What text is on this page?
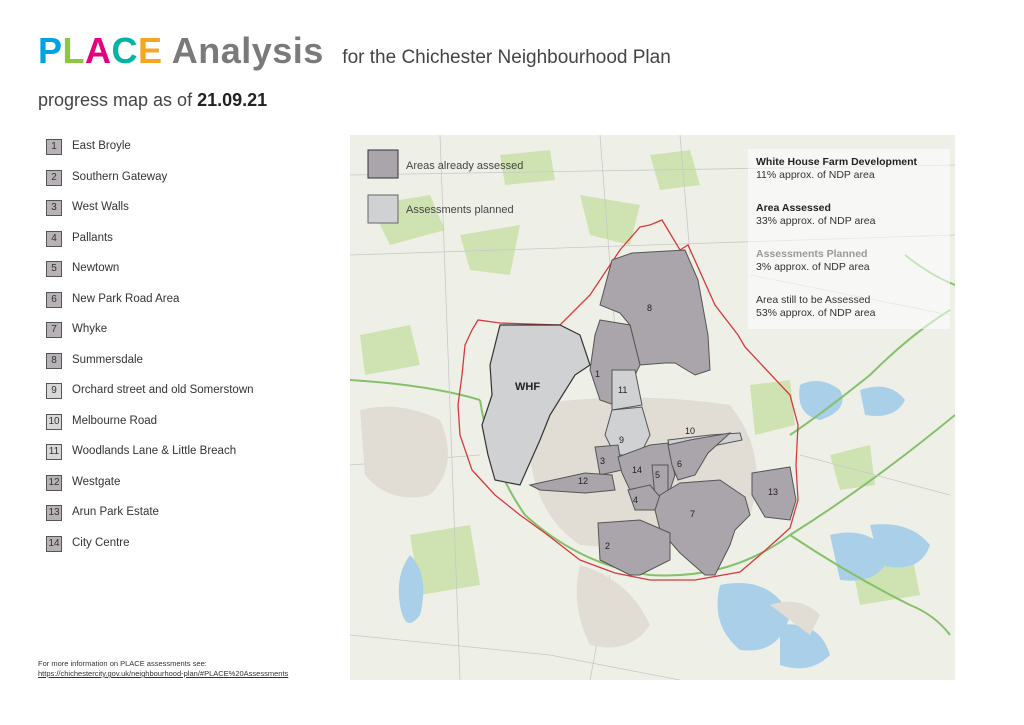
PLACE Analysis for the Chichester Neighbourhood Plan
progress map as of 21.09.21
1	East Broyle
2	Southern Gateway
3	West Walls
4	Pallants
5	Newtown
6	New Park Road Area
7	Whyke
8	Summersdale
9	Orchard street and old Somerstown
10 Melbourne Road
11 Woodlands Lane & Little Breach
12 Westgate
13 Arun Park Estate
14 City Centre
8
1
11
9
10
3
12
14 5
6
4
7
2
13
WHF
Areas already assessed
Assessments planned
White House Farm Development
11% approx. of NDP area
Area Assessed
33% approx. of NDP area
Assessments Planned
3% approx. of NDP area
Area still to be Assessed
53% approx. of NDP area
For more information on PLACE assessments see:
https://chichestercity.gov.uk/neighbourhood-plan/#PLACE%20Assessments
